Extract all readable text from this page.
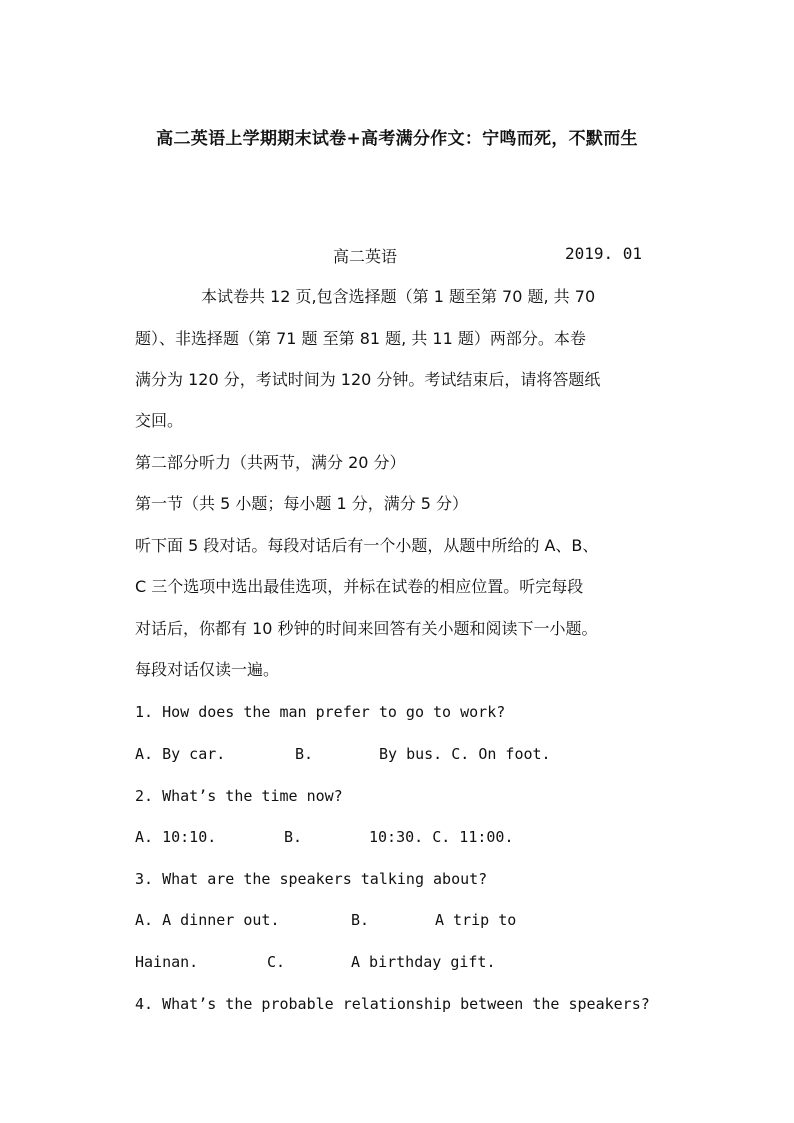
高二英语上学期期末试卷+高考满分作文：宁鸣而死，不默而生
高二英语	2019. 01
本试卷共 12 页,包含选择题（第 1 题至第 70 题, 共 70
题）、非选择题（第 71 题 至第 81 题, 共 11 题）两部分。本卷
满分为 120 分，考试时间为 120 分钟。考试结束后，请将答题纸
交回。
第二部分听力（共两节，满分 20 分）
第一节（共 5 小题；每小题 1 分，满分 5 分）
听下面 5 段对话。每段对话后有一个小题，从题中所给的 A、B、
C 三个选项中选出最佳选项，并标在试卷的相应位置。听完每段
对话后，你都有 10 秒钟的时间来回答有关小题和阅读下一小题。
每段对话仅读一遍。
1. How does the man prefer to go to work?
A. By car.	B.	By bus. C. On foot.
2. What’s the time now?
A. 10:10.	B.	10:30. C. 11:00.
3. What are the speakers talking about?
A. A dinner out.	B.	A trip to
Hainan.	C.	A birthday gift.
4. What’s the probable relationship between the speakers?
